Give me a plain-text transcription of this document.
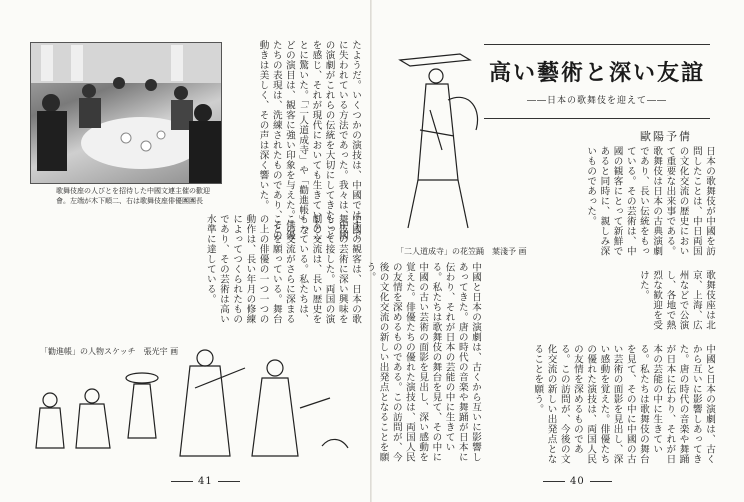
歌舞伎座の人びとを招待した中國文連主催の歡迎會。左端が木下順二、右は歌舞伎座俳優團團長	たようだ。いくつかの演技は、中國ではすでに失われている方法であった。我々は、中國の演劇がこれらの伝統を大切にしてきたことを感じ、それが現代においても生きていることに驚いた。「二人道成寺」や「勸進帳」などの演目は、観客に強い印象を与えた。俳優たちの表現は、洗練されたものであり、その動きは美しく、その声は深く響いた。
中國の観客は、日本の歌舞伎の芸術に深い興味をもって接した。両国の演劇の交流は、長い歴史をもっている。私たちは、この交流がさらに深まることを願っている。舞台の上の俳優の一つ一つの動作は、長い年月の修練によってつくられたものであり、その芸術は高い水準に達している。
「勸進帳」の人物スケッチ　張光宇 画
41
「二人道成寺」の花笠踊　葉淺予 画
高い藝術と深い友誼
――日本の歌舞伎を迎えて――
歐陽予倩
日本の歌舞伎が中國を訪問したことは、中日両国の文化交流の歴史において重要な出来事である。歌舞伎は日本の古典演劇であり、長い伝統をもっている。その芸術は、中國の観客にとって新鮮であると同時に、親しみ深いものであった。
歌舞伎座は北京、上海、広州などで公演し、各地で熱烈な歓迎を受けた。
中國と日本の演劇は、古くから互いに影響しあってきた。唐の時代の音楽や舞踊が日本に伝わり、それが日本の芸能の中に生きている。私たちは歌舞伎の舞台を見て、その中に中國の古い芸術の面影を見出し、深い感動を覚えた。俳優たちの優れた演技は、両国人民の友情を深めるものである。この訪問が、今後の文化交流の新しい出発点となることを願う。
中國と日本の演劇は、古くから互いに影響しあってきた。唐の時代の音楽や舞踊が日本に伝わり、それが日本の芸能の中に生きている。私たちは歌舞伎の舞台を見て、その中に中國の古い芸術の面影を見出し、深い感動を覚えた。俳優たちの優れた演技は、両国人民の友情を深めるものである。この訪問が、今後の文化交流の新しい出発点となることを願う。
40
